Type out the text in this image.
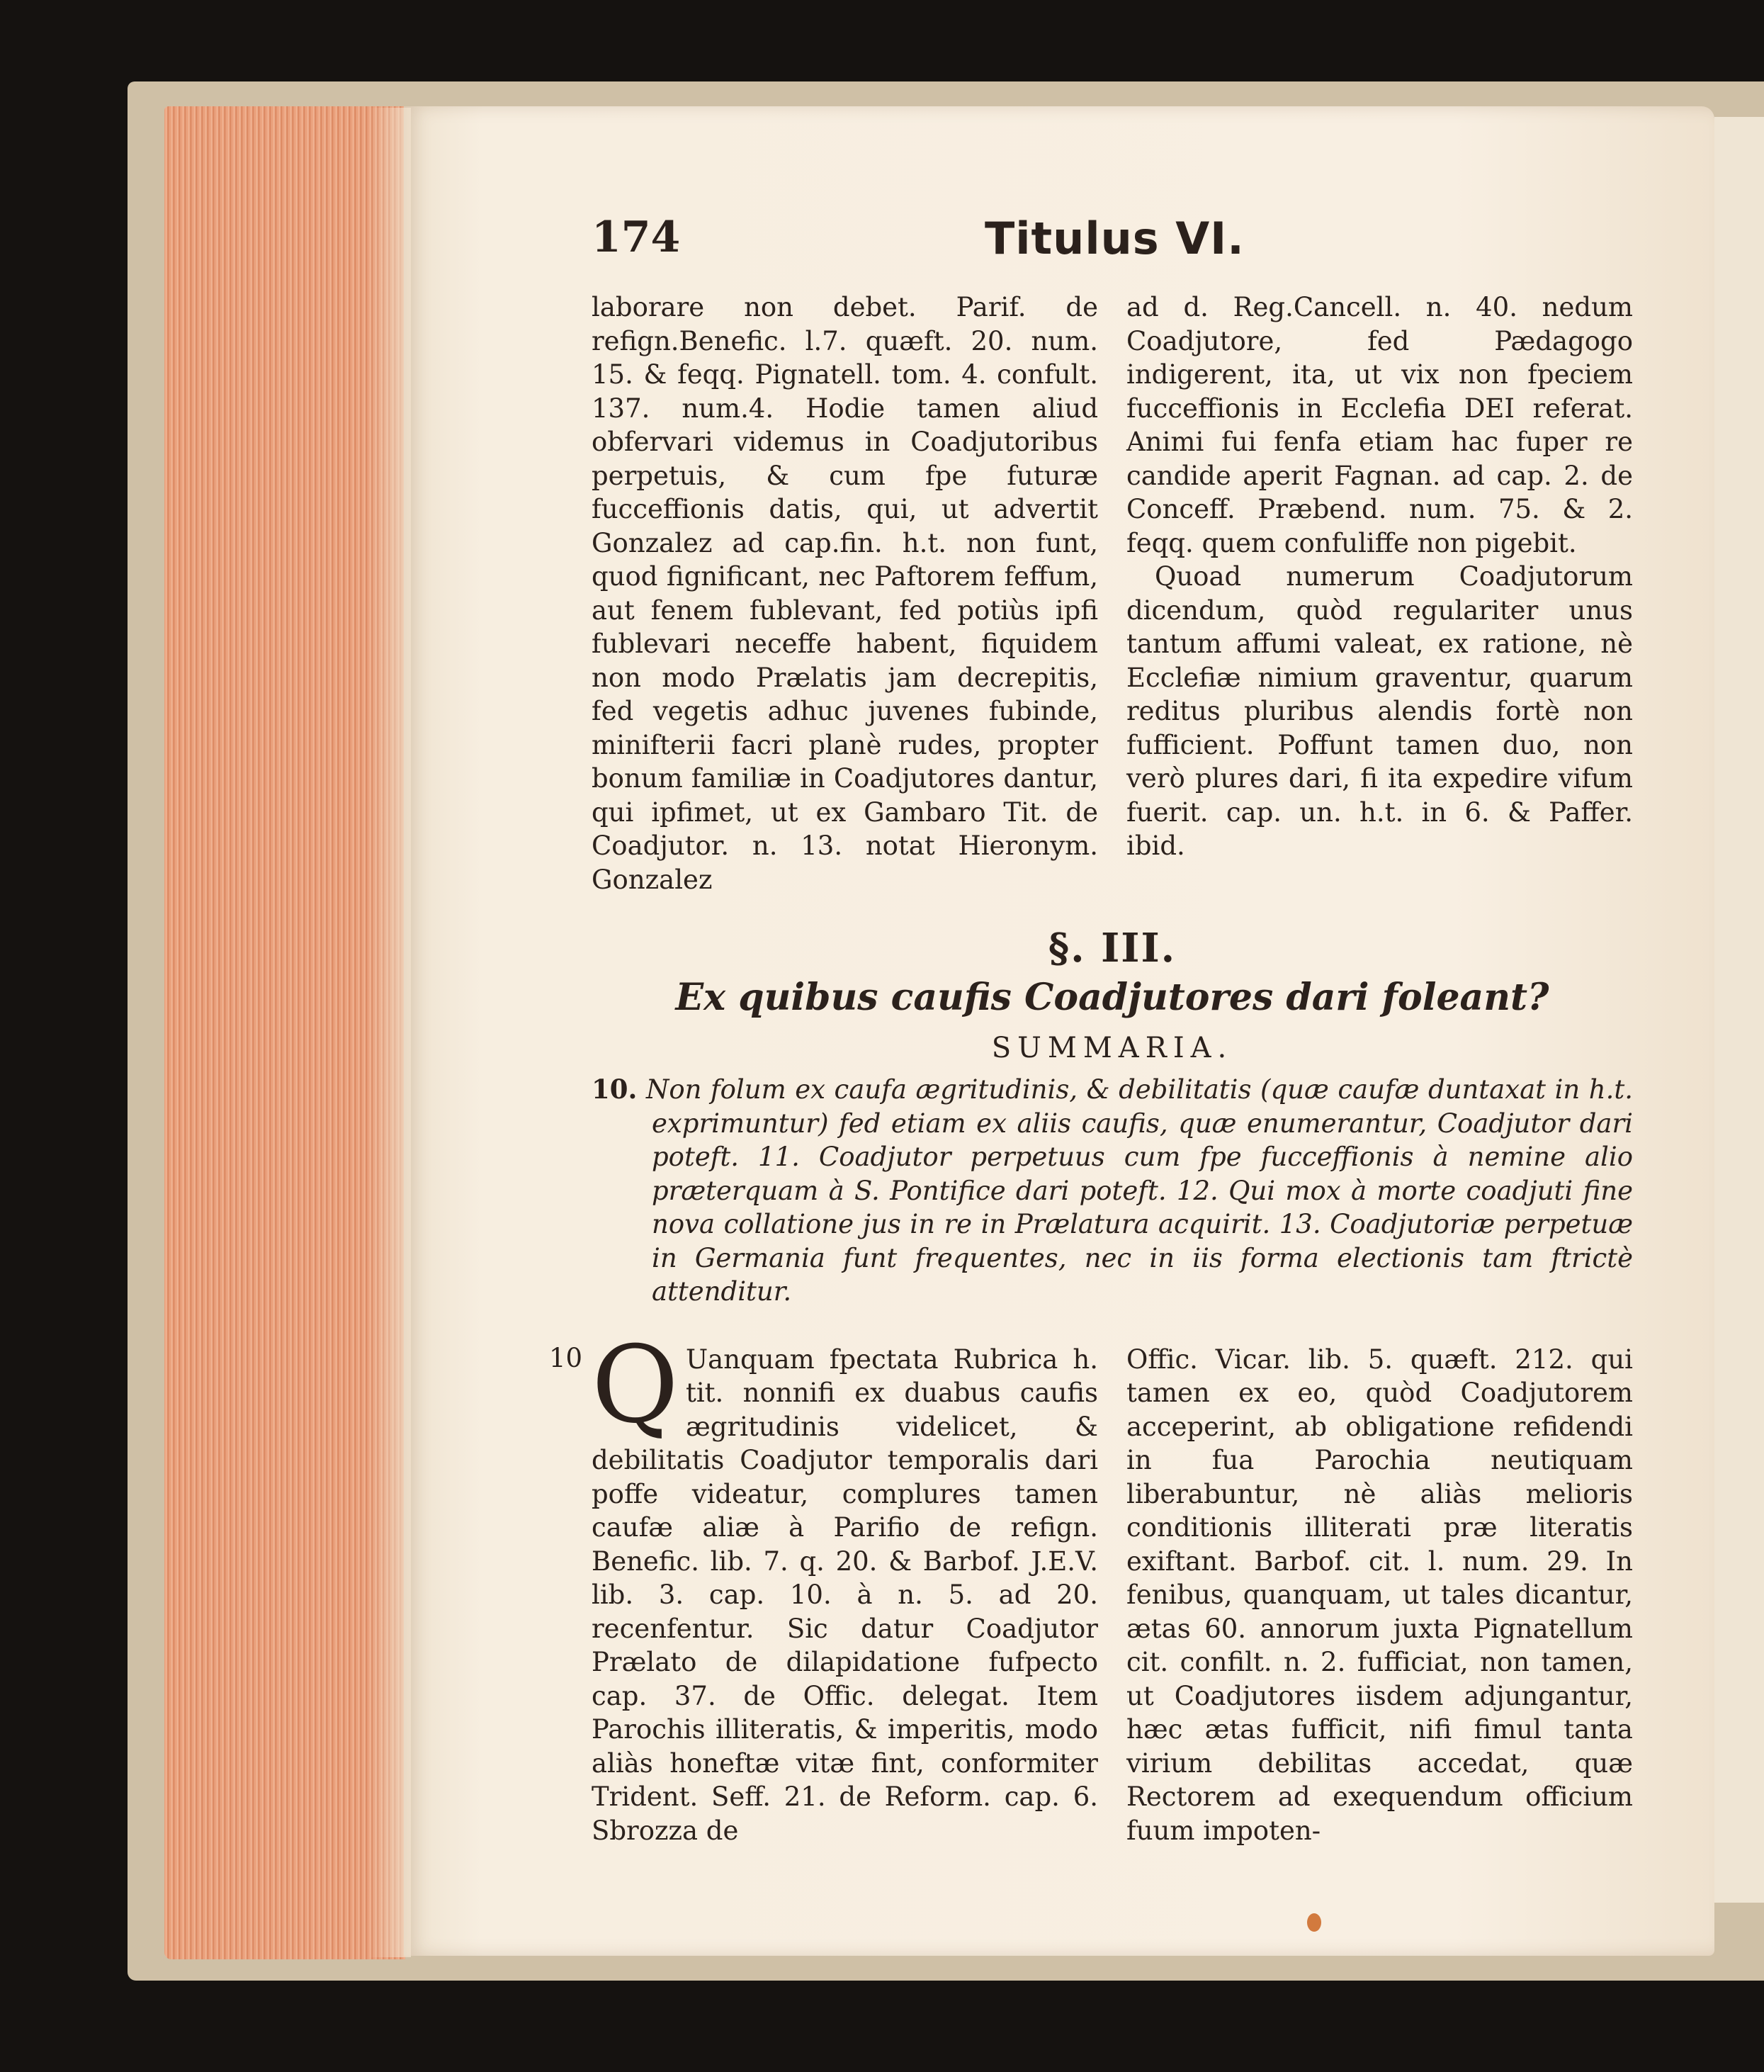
174	Titulus VI.

laborare non debet. Parif. de refign.Benefic. l.7. quæft. 20. num. 15. & feqq. Pignatell. tom. 4. confult. 137. num.4. Hodie tamen aliud obfervari videmus in Coadjutoribus perpetuis, & cum fpe futuræ fucceffionis datis, qui, ut advertit Gonzalez ad cap.fin. h.t. non funt, quod fignificant, nec Paftorem feffum, aut fenem fublevant, fed potiùs ipfi fublevari neceffe habent, fiquidem non modo Prælatis jam decrepitis, fed vegetis adhuc juvenes fubinde, minifterii facri planè rudes, propter bonum familiæ in Coadjutores dantur, qui ipfimet, ut ex Gambaro Tit. de Coadjutor. n. 13. notat Hieronym. Gonzalez

ad d. Reg.Cancell. n. 40. nedum Coadjutore, fed Pædagogo indigerent, ita, ut vix non fpeciem fucceffionis in Ecclefia DEI referat. Animi fui fenfa etiam hac fuper re candide aperit Fagnan. ad cap. 2. de Conceff. Præbend. num. 75. & 2. feqq. quem confuliffe non pigebit.

Quoad numerum Coadjutorum dicendum, quòd regulariter unus tantum affumi valeat, ex ratione, nè Ecclefiæ nimium graventur, quarum reditus pluribus alendis fortè non fufficient. Poffunt tamen duo, non verò plures dari, fi ita expedire vifum fuerit. cap. un. h.t. in 6. & Paffer. ibid.

§. III.
Ex quibus caufis Coadjutores dari foleant?
SUMMARIA.
10. Non folum ex caufa ægritudinis, & debilitatis (quæ caufæ duntaxat in h.t. exprimuntur) fed etiam ex aliis caufis, quæ enumerantur, Coadjutor dari poteft. 11. Coadjutor perpetuus cum fpe fucceffionis à nemine alio præterquam à S. Pontifice dari poteft. 12. Qui mox à morte coadjuti fine nova collatione jus in re in Prælatura acquirit. 13. Coadjutoriæ perpetuæ in Germania funt frequentes, nec in iis forma electionis tam ftrictè attenditur.
10 Q Uanquam fpectata Rubrica h. tit. nonnifi ex duabus caufis ægritudinis videlicet, & debilitatis Coadjutor temporalis dari poffe videatur, complures tamen caufæ aliæ à Parifio de refign. Benefic. lib. 7. q. 20. & Barbof. J.E.V. lib. 3. cap. 10. à n. 5. ad 20. recenfentur. Sic datur Coadjutor Prælato de dilapidatione fufpecto cap. 37. de Offic. delegat. Item Parochis illiteratis, & imperitis, modo aliàs honeftæ vitæ fint, conformiter Trident. Seff. 21. de Reform. cap. 6. Sbrozza de
Offic. Vicar. lib. 5. quæft. 212. qui tamen ex eo, quòd Coadjutorem acceperint, ab obligatione refidendi in fua Parochia neutiquam liberabuntur, nè aliàs melioris conditionis illiterati præ literatis exiftant. Barbof. cit. l. num. 29. In fenibus, quanquam, ut tales dicantur, ætas 60. annorum juxta Pignatellum cit. confilt. n. 2. fufficiat, non tamen, ut Coadjutores iisdem adjungantur, hæc ætas fufficit, nifi fimul tanta virium debilitas accedat, quæ Rectorem ad exequendum officium fuum impoten-
